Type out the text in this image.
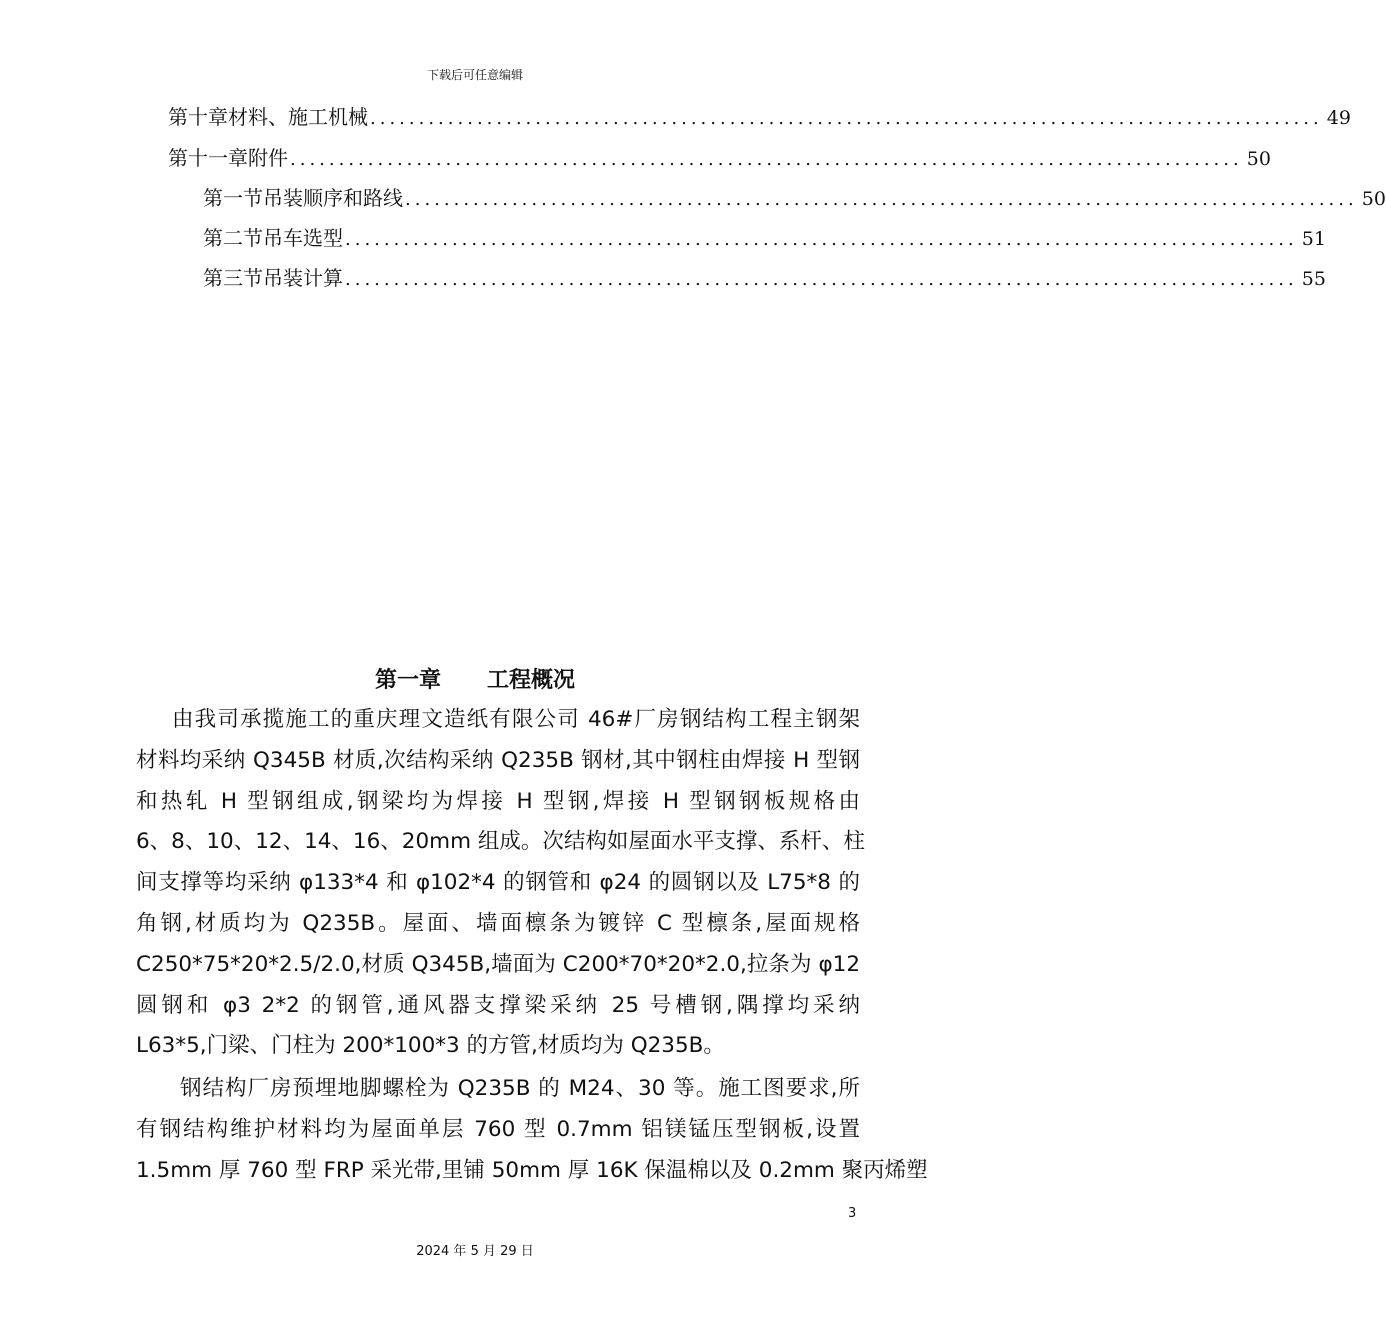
下载后可任意编辑
第十章 材料、施工机械 .................................................................................................. 49
第十一章 附件 .................................................................................................. 50
第一节 吊装顺序和路线 .................................................................................................. 50
第二节 吊车选型 .................................................................................................. 51
第三节 吊装计算 .................................................................................................. 55
第一章 工程概况
由我司承揽施工的重庆理文造纸有限公司 46#厂房钢结构工程主钢架
材料均采纳 Q345B 材质,次结构采纳 Q235B 钢材,其中钢柱由焊接 H 型钢
和热轧 H 型钢组成,钢梁均为焊接 H 型钢,焊接 H 型钢钢板规格由
6、8、10、12、14、16、20mm 组成。次结构如屋面水平支撑、系杆、柱
间支撑等均采纳 φ133*4 和 φ102*4 的钢管和 φ24 的圆钢以及 L75*8 的
角钢,材质均为 Q235B。屋面、墙面檩条为镀锌 C 型檩条,屋面规格
C250*75*20*2.5/2.0,材质 Q345B,墙面为 C200*70*20*2.0,拉条为 φ12
圆钢和 φ3 2*2 的钢管,通风器支撑梁采纳 25 号槽钢,隅撑均采纳
L63*5,门梁、门柱为 200*100*3 的方管,材质均为 Q235B。
钢结构厂房预埋地脚螺栓为 Q235B 的 M24、30 等。施工图要求,所
有钢结构维护材料均为屋面单层 760 型 0.7mm 铝镁锰压型钢板,设置
1.5mm 厚 760 型 FRP 采光带,里铺 50mm 厚 16K 保温棉以及 0.2mm 聚丙烯塑
3
2024 年 5 月 29 日
